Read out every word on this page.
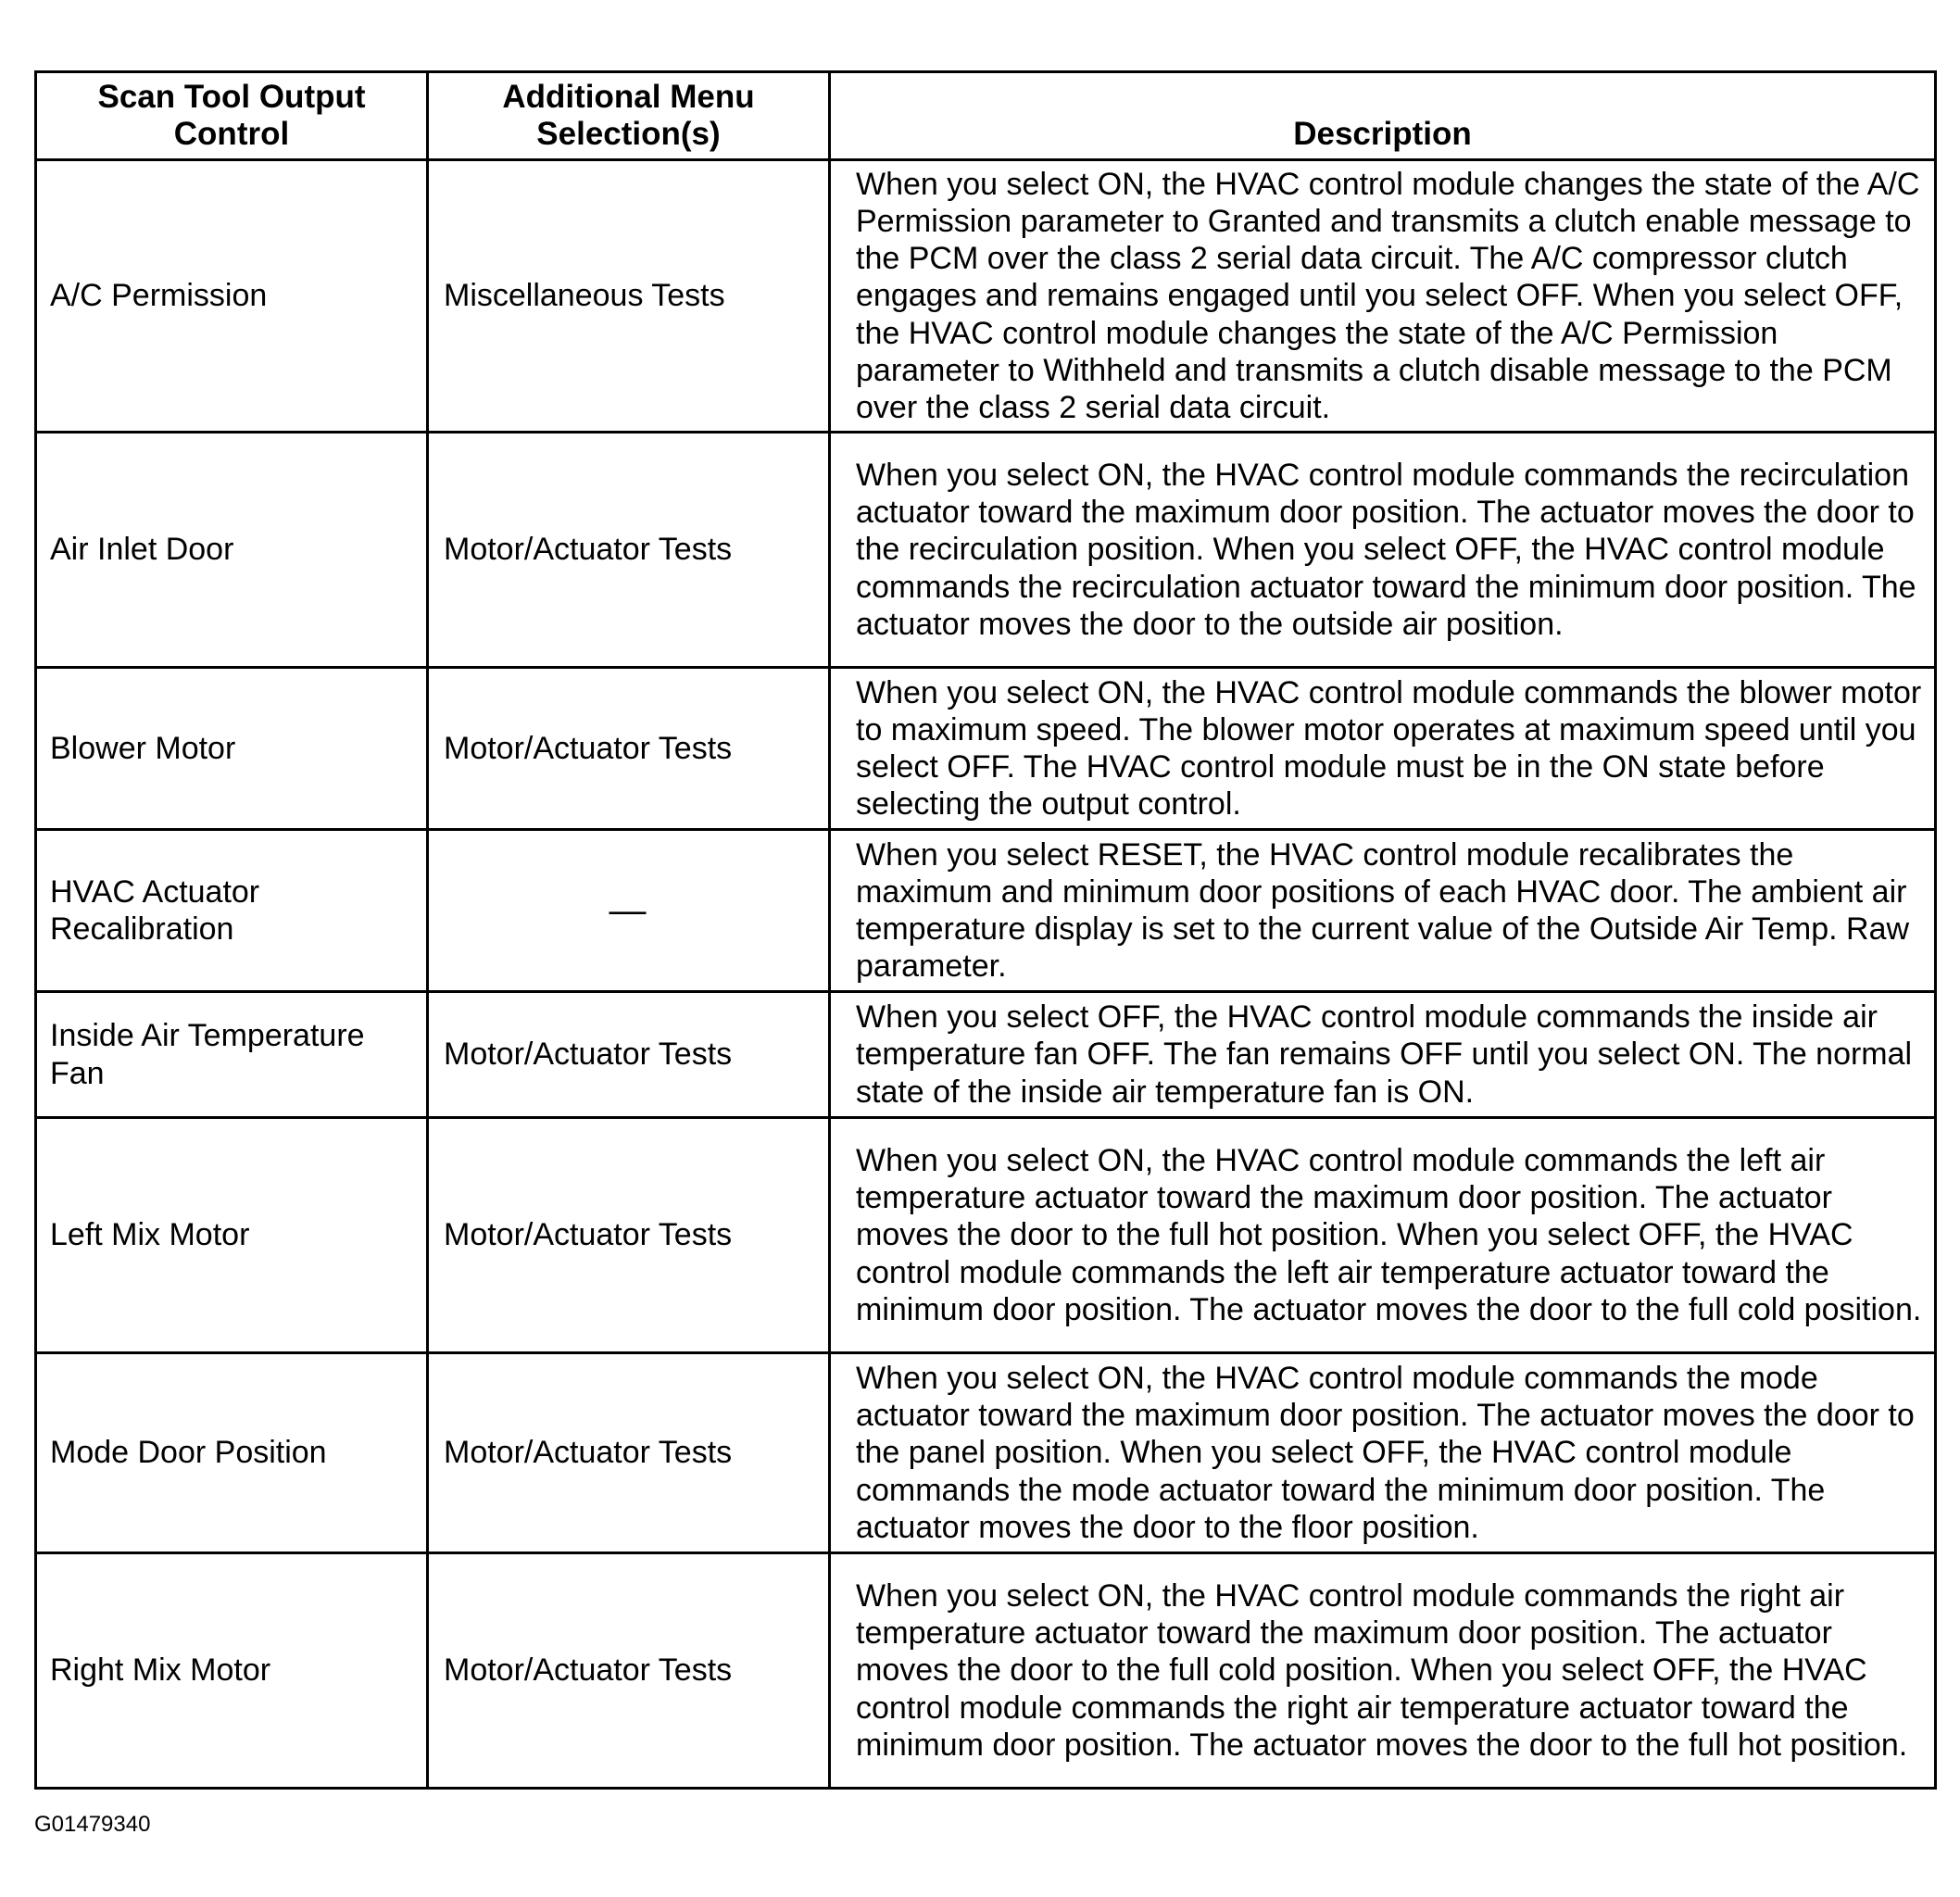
Scan Tool Output Control	Additional Menu Selection(s)	Description
A/C Permission	Miscellaneous Tests	When you select ON, the HVAC control module changes the state of the A/C Permission parameter to Granted and transmits a clutch enable message to the PCM over the class 2 serial data circuit. The A/C compressor clutch engages and remains engaged until you select OFF. When you select OFF, the HVAC control module changes the state of the A/C Permission parameter to Withheld and transmits a clutch disable message to the PCM over the class 2 serial data circuit.
Air Inlet Door	Motor/Actuator Tests	When you select ON, the HVAC control module commands the recirculation actuator toward the maximum door position. The actuator moves the door to the recirculation position. When you select OFF, the HVAC control module commands the recirculation actuator toward the minimum door position. The actuator moves the door to the outside air position.
Blower Motor	Motor/Actuator Tests	When you select ON, the HVAC control module commands the blower motor to maximum speed. The blower motor operates at maximum speed until you select OFF. The HVAC control module must be in the ON state before selecting the output control.
HVAC Actuator Recalibration	—	When you select RESET, the HVAC control module recalibrates the maximum and minimum door positions of each HVAC door. The ambient air temperature display is set to the current value of the Outside Air Temp. Raw parameter.
Inside Air Temperature Fan	Motor/Actuator Tests	When you select OFF, the HVAC control module commands the inside air temperature fan OFF. The fan remains OFF until you select ON. The normal state of the inside air temperature fan is ON.
Left Mix Motor	Motor/Actuator Tests	When you select ON, the HVAC control module commands the left air temperature actuator toward the maximum door position. The actuator moves the door to the full hot position. When you select OFF, the HVAC control module commands the left air temperature actuator toward the minimum door position. The actuator moves the door to the full cold position.
Mode Door Position	Motor/Actuator Tests	When you select ON, the HVAC control module commands the mode actuator toward the maximum door position. The actuator moves the door to the panel position. When you select OFF, the HVAC control module commands the mode actuator toward the minimum door position. The actuator moves the door to the floor position.
Right Mix Motor	Motor/Actuator Tests	When you select ON, the HVAC control module commands the right air temperature actuator toward the maximum door position. The actuator moves the door to the full cold position. When you select OFF, the HVAC control module commands the right air temperature actuator toward the minimum door position. The actuator moves the door to the full hot position.
G01479340
